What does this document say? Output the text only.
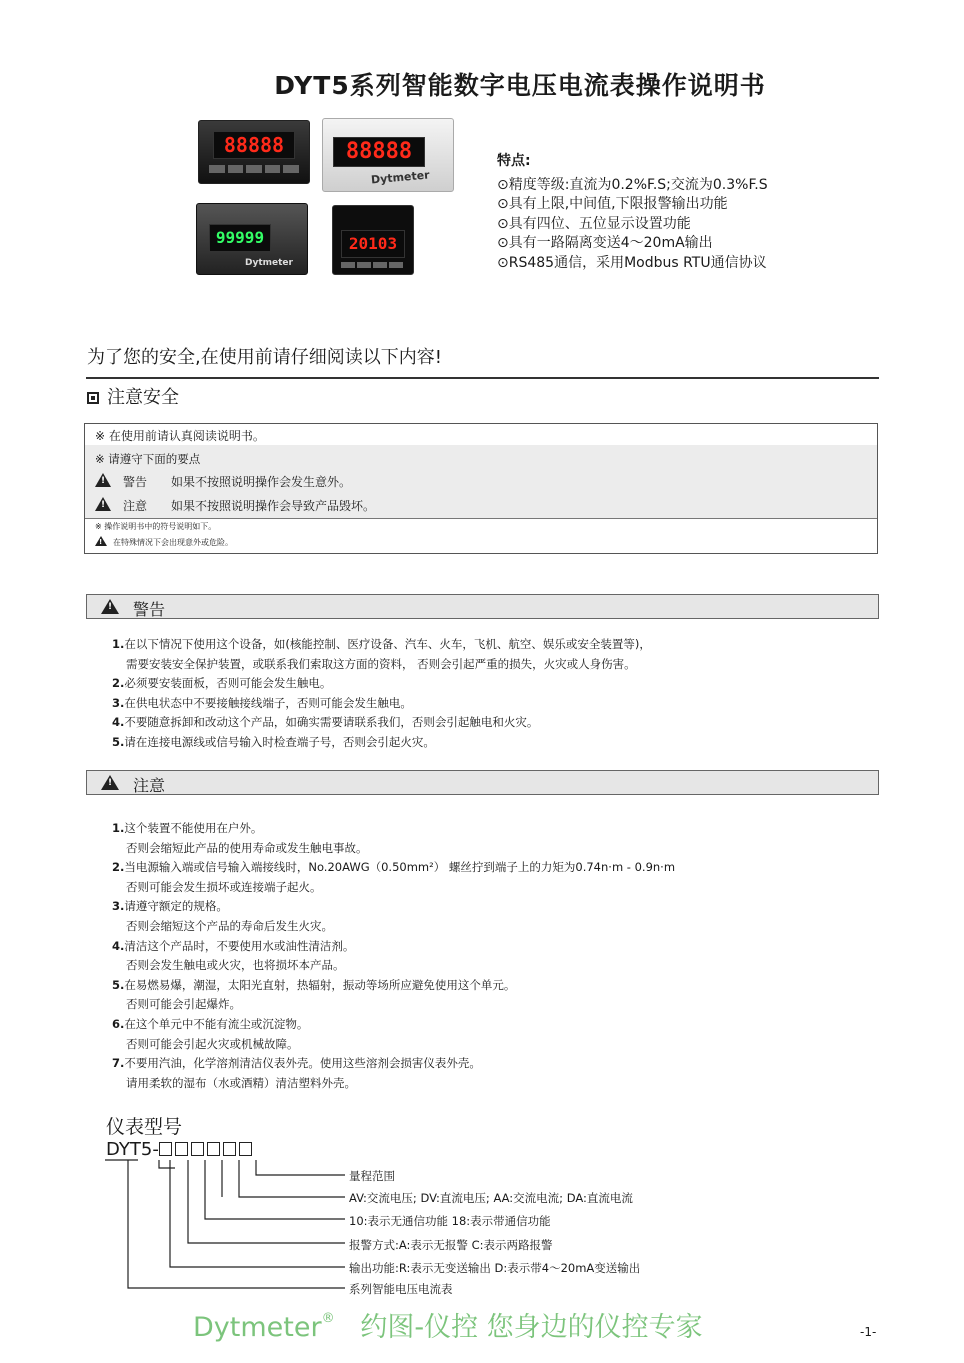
DYT5系列智能数字电压电流表操作说明书
88888	88888
Dytmeter
99999
Dytmeter
20103
特点:
⊙精度等级:直流为0.2%F.S;交流为0.3%F.S
⊙具有上限,中间值,下限报警输出功能
⊙具有四位、五位显示设置功能
⊙具有一路隔离变送4～20mA输出
⊙RS485通信，采用Modbus RTU通信协议
为了您的安全,在使用前请仔细阅读以下内容!
注意安全
※ 在使用前请认真阅读说明书。
※ 请遵守下面的要点
!
警告 如果不按照说明操作会发生意外。
!
注意 如果不按照说明操作会导致产品毁坏。
※ 操作说明书中的符号说明如下。
!
在特殊情况下会出现意外或危险。
!
警告
1.在以下情况下使用这个设备，如(核能控制、医疗设备、汽车、火车，飞机、航空、娱乐或安全装置等)，
需要安装安全保护装置，或联系我们索取这方面的资料， 否则会引起严重的损失，火灾或人身伤害。
2.必须要安装面板，否则可能会发生触电。
3.在供电状态中不要接触接线端子，否则可能会发生触电。
4.不要随意拆卸和改动这个产品，如确实需要请联系我们，否则会引起触电和火灾。
5.请在连接电源线或信号输入时检查端子号，否则会引起火灾。
!
注意
1.这个装置不能使用在户外。
否则会缩短此产品的使用寿命或发生触电事故。
2.当电源输入端或信号输入端接线时，No.20AWG（0.50mm²） 螺丝拧到端子上的力矩为0.74n·m - 0.9n·m
否则可能会发生损坏或连接端子起火。
3.请遵守额定的规格。
否则会缩短这个产品的寿命后发生火灾。
4.清洁这个产品时，不要使用水或油性清洁剂。
否则会发生触电或火灾，也将损坏本产品。
5.在易燃易爆，潮湿，太阳光直射，热辐射，振动等场所应避免使用这个单元。
否则可能会引起爆炸。
6.在这个单元中不能有流尘或沉淀物。
否则可能会引起火灾或机械故障。
7.不要用汽油，化学溶剂清洁仪表外壳。使用这些溶剂会损害仪表外壳。
请用柔软的湿布（水或酒精）清洁塑料外壳。
仪表型号
DYT5-
量程范围
AV:交流电压; DV:直流电压; AA:交流电流; DA:直流电流
10:表示无通信功能 18:表示带通信功能
报警方式:A:表示无报警 C:表示两路报警
输出功能:R:表示无变送输出 D:表示带4～20mA变送输出
系列智能电压电流表
Dytmeter® 约图-仪控 您身边的仪控专家	-1-
